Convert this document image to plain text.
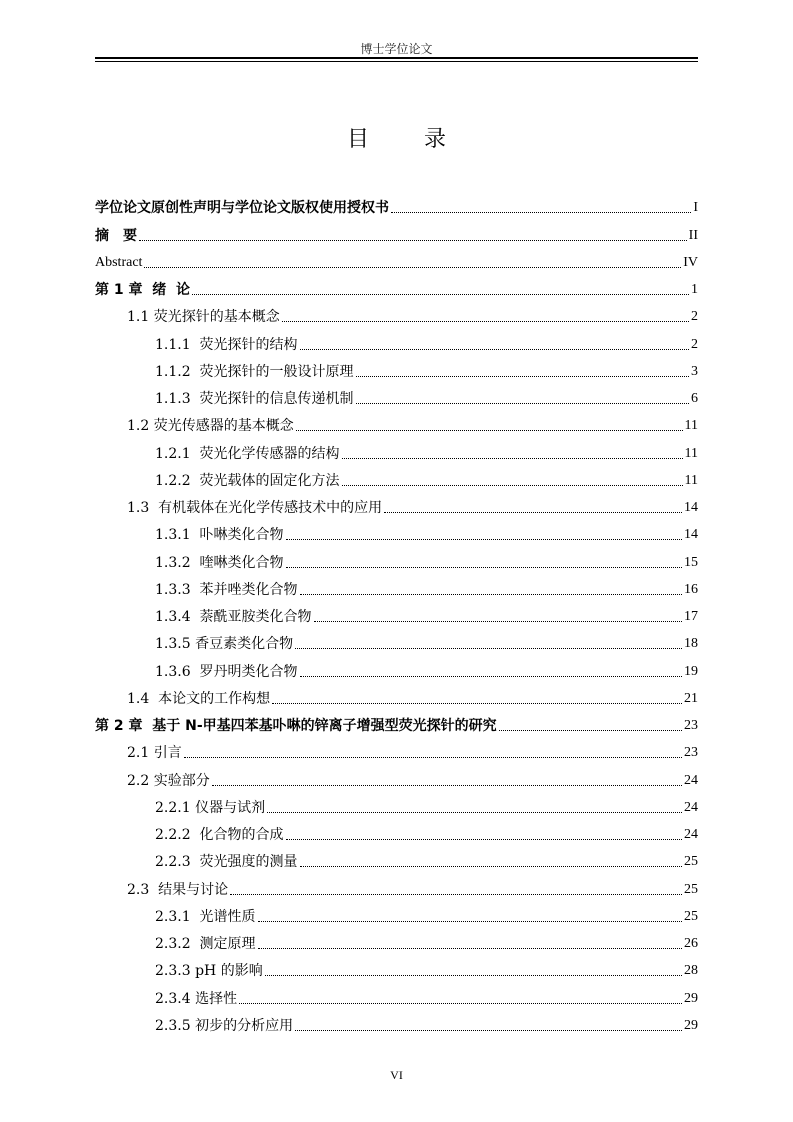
博士学位论文
目 录
学位论文原创性声明与学位论文版权使用授权书	I
摘　要	II
Abstract	IV
第 1 章  绪  论	1
1.1 荧光探针的基本概念	2
1.1.1  荧光探针的结构	2
1.1.2  荧光探针的一般设计原理	3
1.1.3  荧光探针的信息传递机制	6
1.2 荧光传感器的基本概念	11
1.2.1  荧光化学传感器的结构	11
1.2.2  荧光载体的固定化方法	11
1.3  有机载体在光化学传感技术中的应用	14
1.3.1  卟啉类化合物	14
1.3.2  喹啉类化合物	15
1.3.3  苯并唑类化合物	16
1.3.4  萘酰亚胺类化合物	17
1.3.5 香豆素类化合物	18
1.3.6  罗丹明类化合物	19
1.4  本论文的工作构想	21
第 2 章  基于 N-甲基四苯基卟啉的锌离子增强型荧光探针的研究	23
2.1 引言	23
2.2 实验部分	24
2.2.1 仪器与试剂	24
2.2.2  化合物的合成	24
2.2.3  荧光强度的测量	25
2.3  结果与讨论	25
2.3.1  光谱性质	25
2.3.2  测定原理	26
2.3.3 pH 的影响	28
2.3.4 选择性	29
2.3.5 初步的分析应用	29
VI
